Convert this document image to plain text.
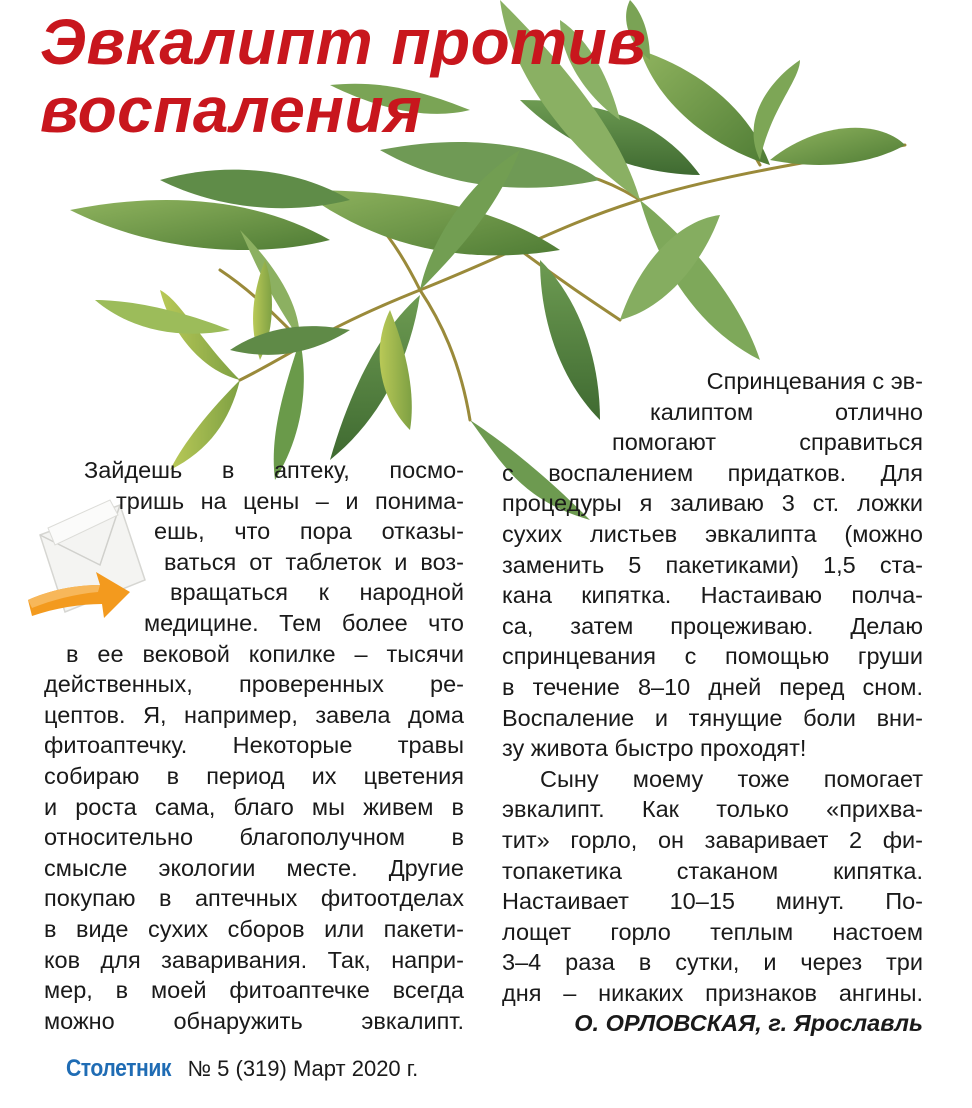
Эвкалипт против
воспаления
Зайдешь в аптеку, посмо-
тришь на цены – и понима-
ешь, что пора отказы-
ваться от таблеток и воз-
вращаться к народной
медицине. Тем более что
в ее вековой копилке – тысячи
действенных, проверенных ре-
цептов. Я, например, завела дома
фитоаптечку. Некоторые травы
собираю в период их цветения
и роста сама, благо мы живем в
относительно благополучном в
смысле экологии месте. Другие
покупаю в аптечных фитоотделах
в виде сухих сборов или пакети-
ков для заваривания. Так, напри-
мер, в моей фитоаптечке всегда
можно обнаружить эвкалипт.
Спринцевания с эв-
калиптом отлично
помогают справиться
с воспалением придатков. Для
процедуры я заливаю 3 ст. ложки
сухих листьев эвкалипта (можно
заменить 5 пакетиками) 1,5 ста-
кана кипятка. Настаиваю полча-
са, затем процеживаю. Делаю
спринцевания с помощью груши
в течение 8–10 дней перед сном.
Воспаление и тянущие боли вни-
зу живота быстро проходят!
Сыну моему тоже помогает
эвкалипт. Как только «прихва-
тит» горло, он заваривает 2 фи-
топакетика стаканом кипятка.
Настаивает 10–15 минут. По-
лощет горло теплым настоем
3–4 раза в сутки, и через три
дня – никаких признаков ангины.
О. ОРЛОВСКАЯ, г. Ярославль
Столетник № 5 (319) Март 2020 г.
